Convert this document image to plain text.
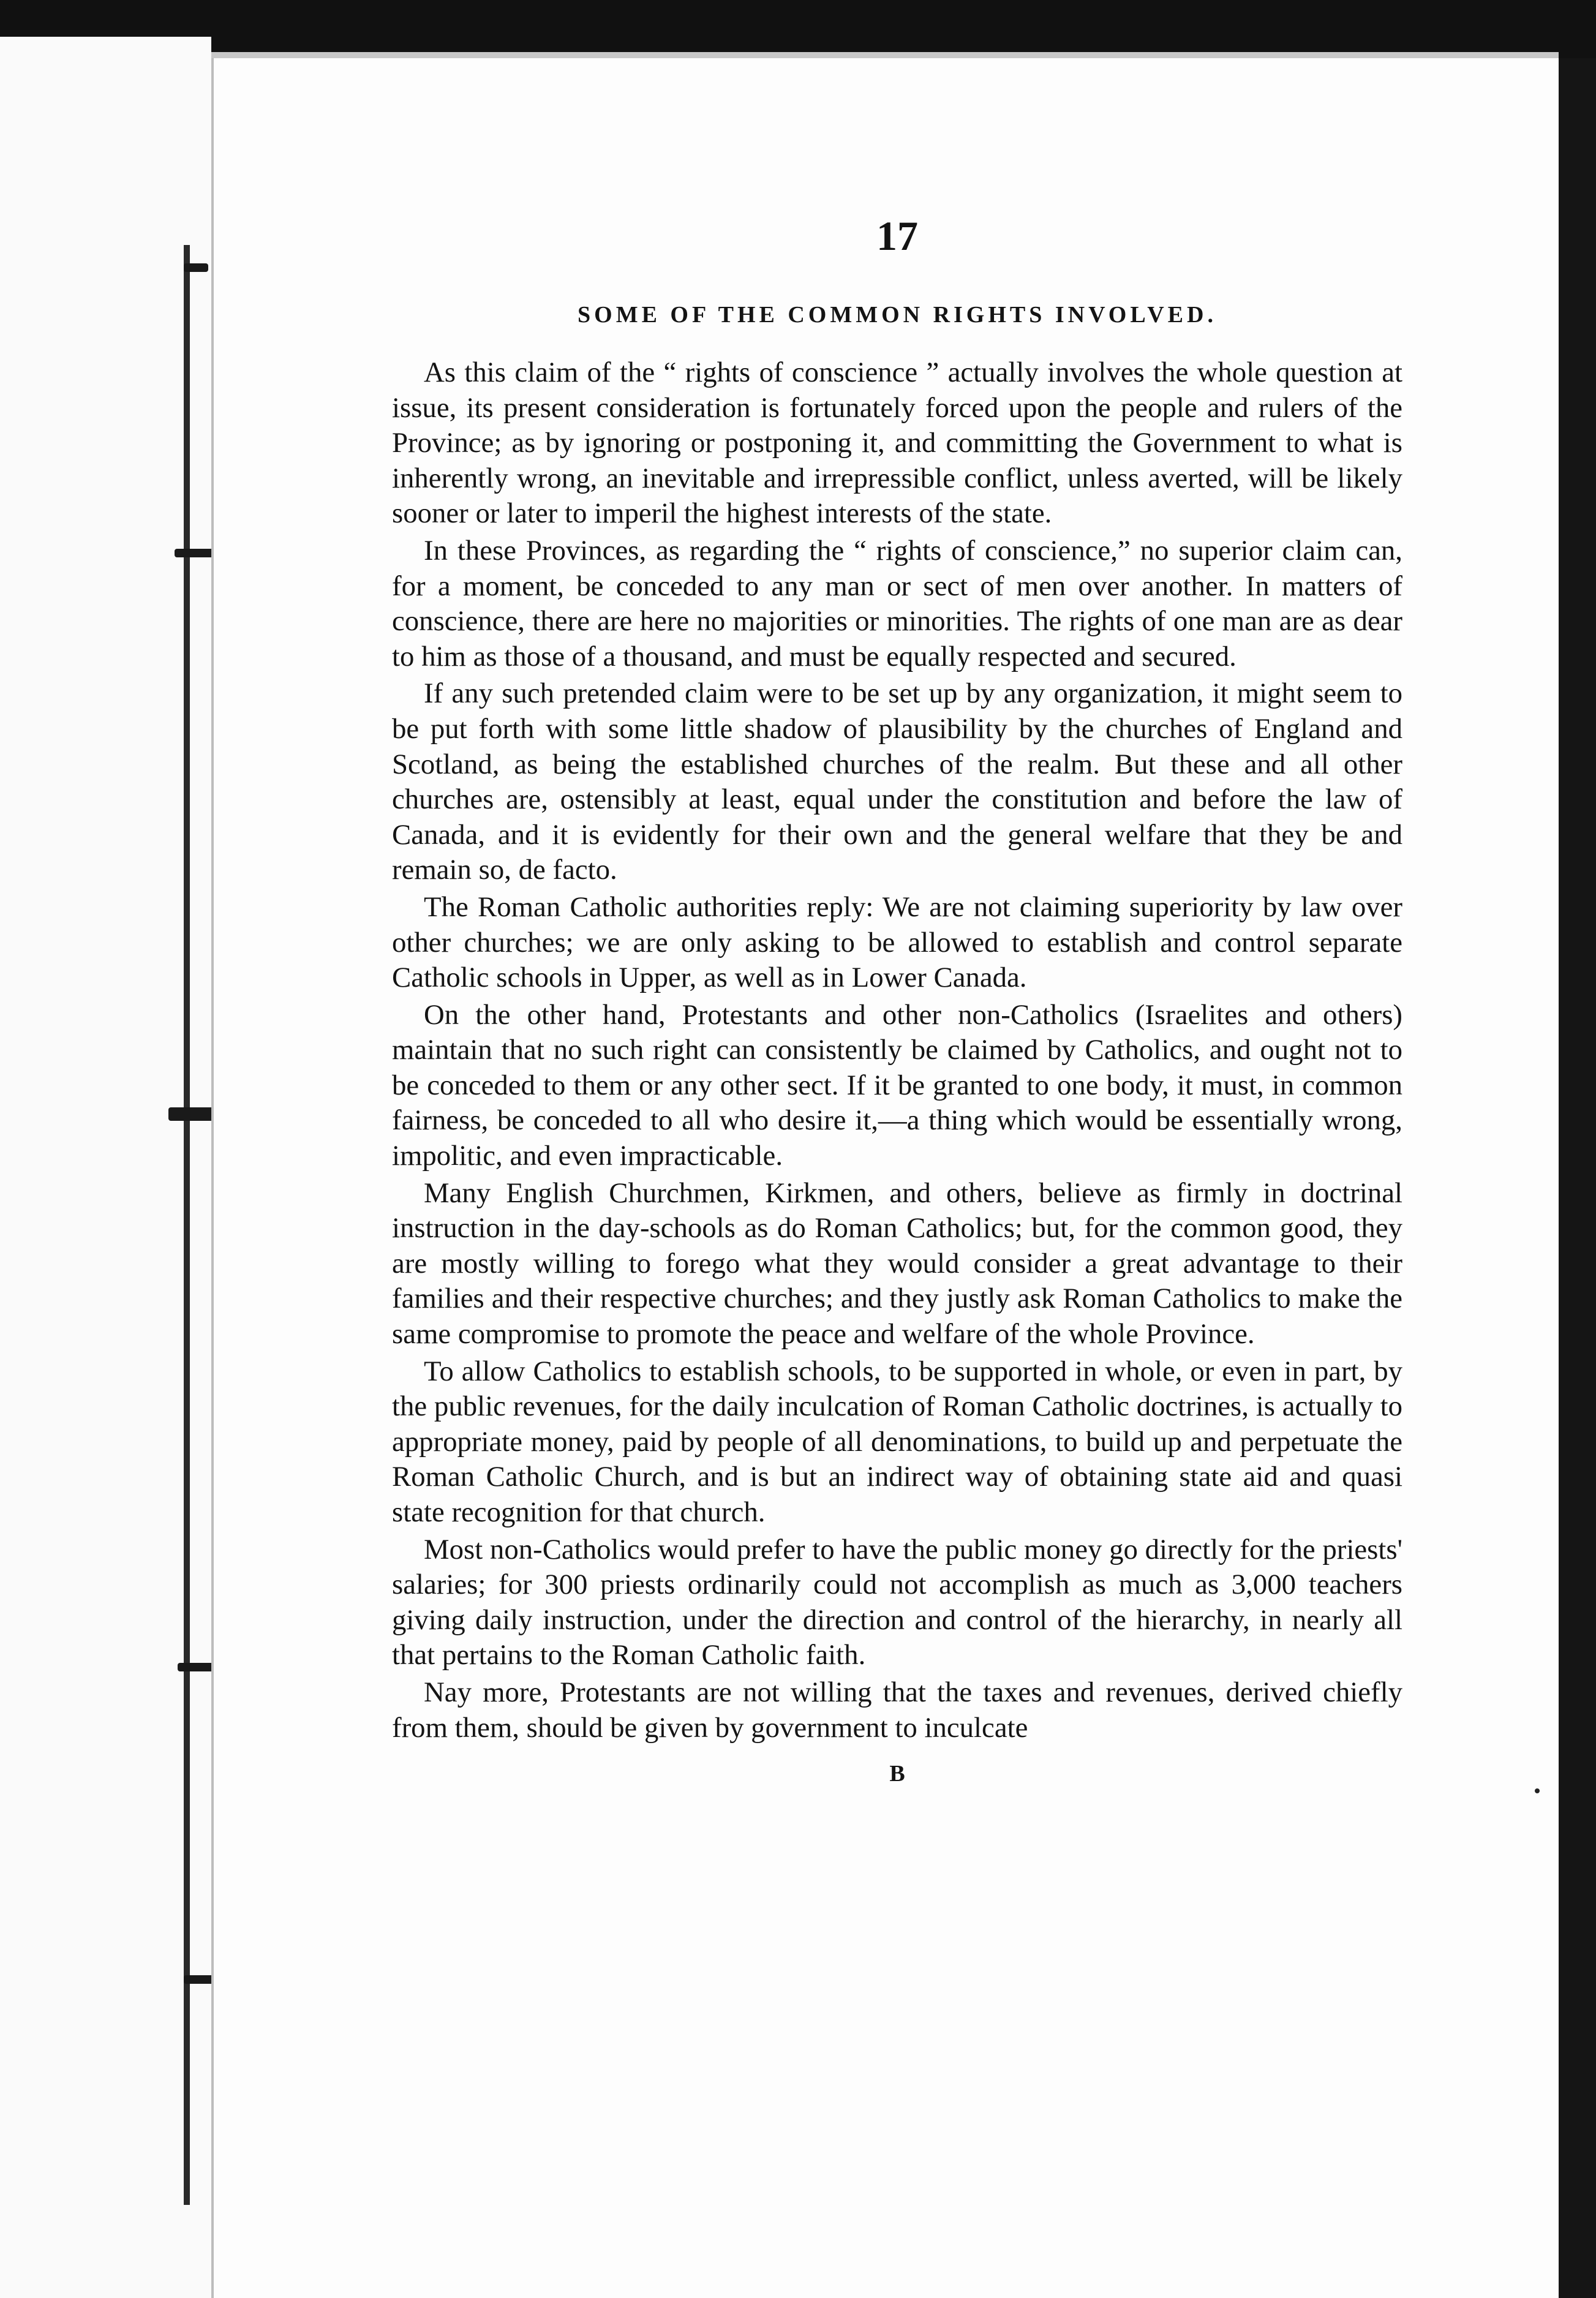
17
SOME OF THE COMMON RIGHTS INVOLVED.

As this claim of the “ rights of conscience ” actually involves the whole question at issue, its present consideration is fortunately forced upon the people and rulers of the Province; as by ignoring or postponing it, and committing the Government to what is inherently wrong, an inevitable and irrepressible conflict, unless averted, will be likely sooner or later to imperil the highest interests of the state.

In these Provinces, as regarding the “ rights of conscience,” no superior claim can, for a moment, be conceded to any man or sect of men over another. In matters of conscience, there are here no majorities or minorities. The rights of one man are as dear to him as those of a thousand, and must be equally respected and secured.

If any such pretended claim were to be set up by any organization, it might seem to be put forth with some little shadow of plausibility by the churches of England and Scotland, as being the established churches of the realm. But these and all other churches are, ostensibly at least, equal under the constitution and before the law of Canada, and it is evidently for their own and the general welfare that they be and remain so, de facto.

The Roman Catholic authorities reply: We are not claiming superiority by law over other churches; we are only asking to be allowed to establish and control separate Catholic schools in Upper, as well as in Lower Canada.

On the other hand, Protestants and other non-Catholics (Israelites and others) maintain that no such right can consistently be claimed by Catholics, and ought not to be conceded to them or any other sect. If it be granted to one body, it must, in common fairness, be conceded to all who desire it,—a thing which would be essentially wrong, impolitic, and even impracticable.

Many English Churchmen, Kirkmen, and others, believe as firmly in doctrinal instruction in the day-schools as do Roman Catholics; but, for the common good, they are mostly willing to forego what they would consider a great advantage to their families and their respective churches; and they justly ask Roman Catholics to make the same compromise to promote the peace and welfare of the whole Province.

To allow Catholics to establish schools, to be supported in whole, or even in part, by the public revenues, for the daily inculcation of Roman Catholic doctrines, is actually to appropriate money, paid by people of all denominations, to build up and perpetuate the Roman Catholic Church, and is but an indirect way of obtaining state aid and quasi state recognition for that church.

Most non-Catholics would prefer to have the public money go directly for the priests' salaries; for 300 priests ordinarily could not accomplish as much as 3,000 teachers giving daily instruction, under the direction and control of the hierarchy, in nearly all that pertains to the Roman Catholic faith.

Nay more, Protestants are not willing that the taxes and revenues, derived chiefly from them, should be given by government to inculcate

B
